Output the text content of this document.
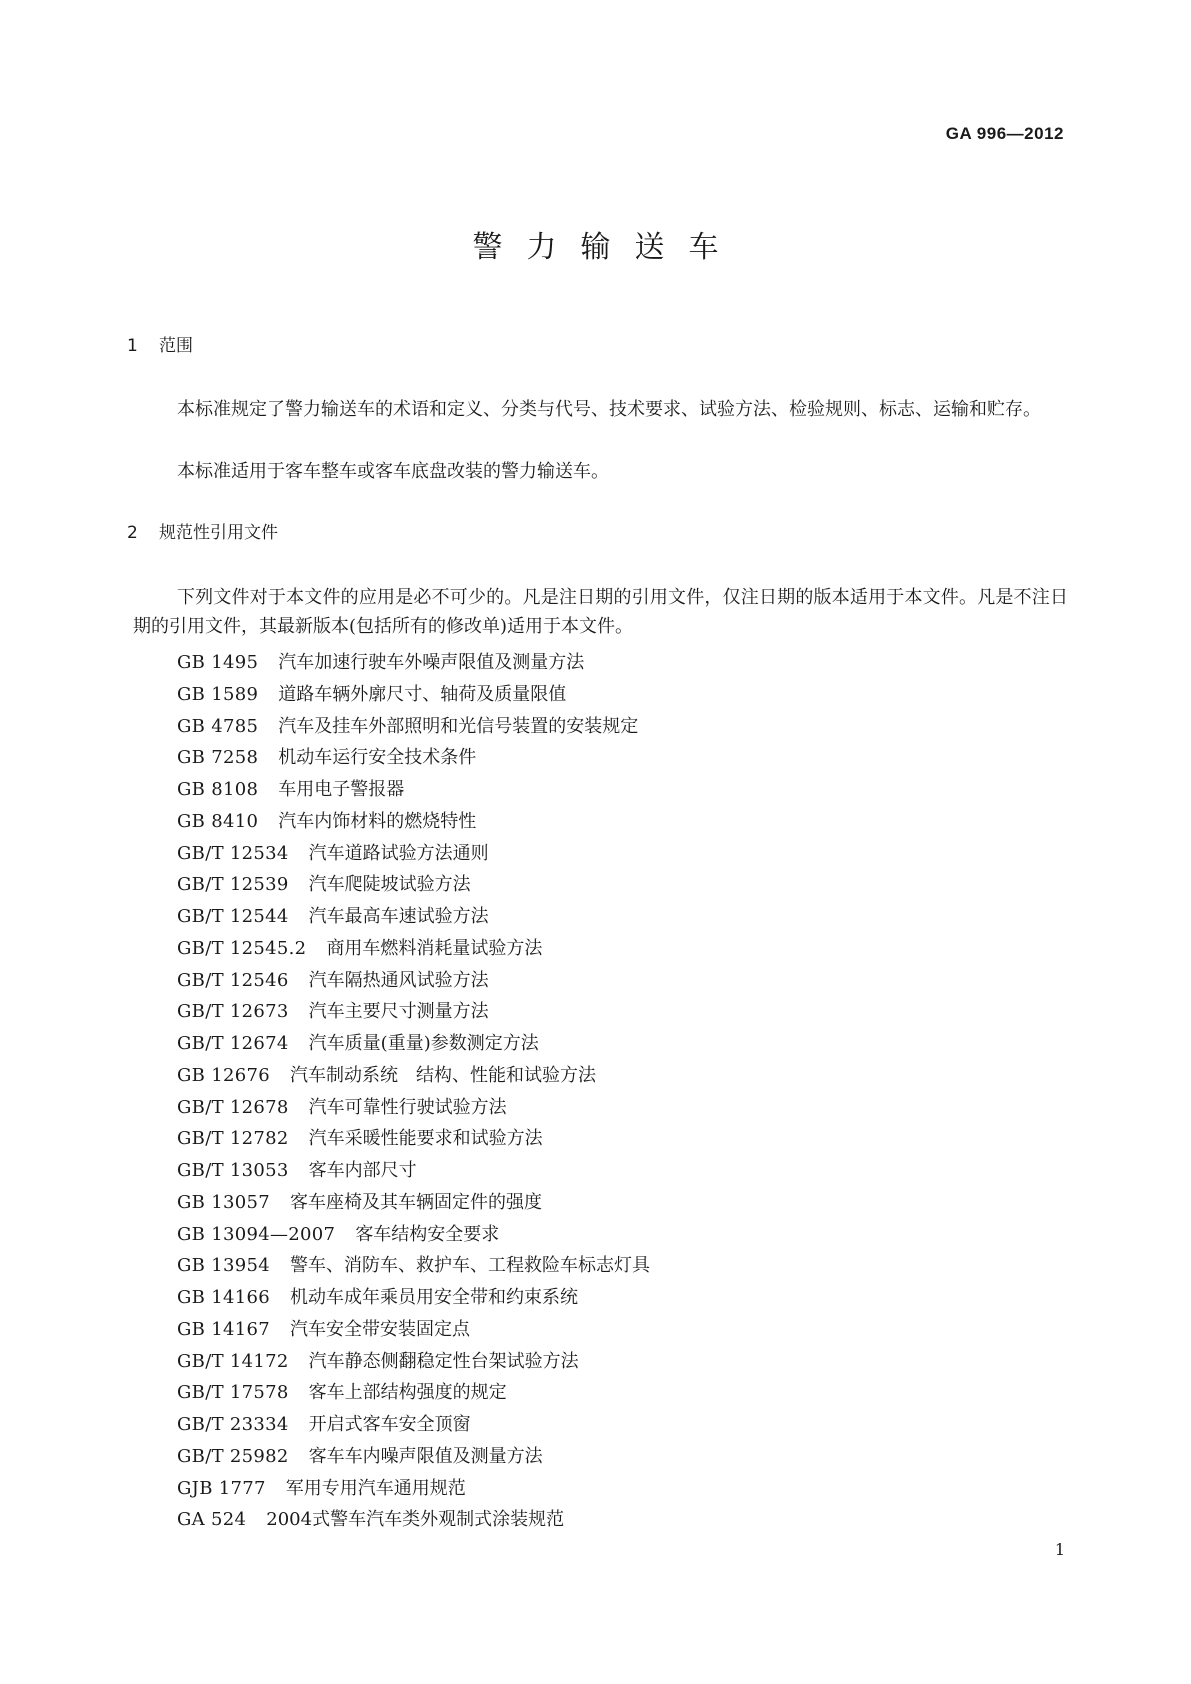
GA 996—2012
警力输送车
1 范围
本标准规定了警力输送车的术语和定义、分类与代号、技术要求、试验方法、检验规则、标志、运输和贮存。
本标准适用于客车整车或客车底盘改装的警力输送车。
2 规范性引用文件
下列文件对于本文件的应用是必不可少的。凡是注日期的引用文件，仅注日期的版本适用于本文件。凡是不注日期的引用文件，其最新版本(包括所有的修改单)适用于本文件。
GB 1495 汽车加速行驶车外噪声限值及测量方法
GB 1589 道路车辆外廓尺寸、轴荷及质量限值
GB 4785 汽车及挂车外部照明和光信号装置的安装规定
GB 7258 机动车运行安全技术条件
GB 8108 车用电子警报器
GB 8410 汽车内饰材料的燃烧特性
GB/T 12534 汽车道路试验方法通则
GB/T 12539 汽车爬陡坡试验方法
GB/T 12544 汽车最高车速试验方法
GB/T 12545.2 商用车燃料消耗量试验方法
GB/T 12546 汽车隔热通风试验方法
GB/T 12673 汽车主要尺寸测量方法
GB/T 12674 汽车质量(重量)参数测定方法
GB 12676 汽车制动系统　结构、性能和试验方法
GB/T 12678 汽车可靠性行驶试验方法
GB/T 12782 汽车采暖性能要求和试验方法
GB/T 13053 客车内部尺寸
GB 13057 客车座椅及其车辆固定件的强度
GB 13094—2007 客车结构安全要求
GB 13954 警车、消防车、救护车、工程救险车标志灯具
GB 14166 机动车成年乘员用安全带和约束系统
GB 14167 汽车安全带安装固定点
GB/T 14172 汽车静态侧翻稳定性台架试验方法
GB/T 17578 客车上部结构强度的规定
GB/T 23334 开启式客车安全顶窗
GB/T 25982 客车车内噪声限值及测量方法
GJB 1777 军用专用汽车通用规范
GA 524 2004式警车汽车类外观制式涂装规范
1
